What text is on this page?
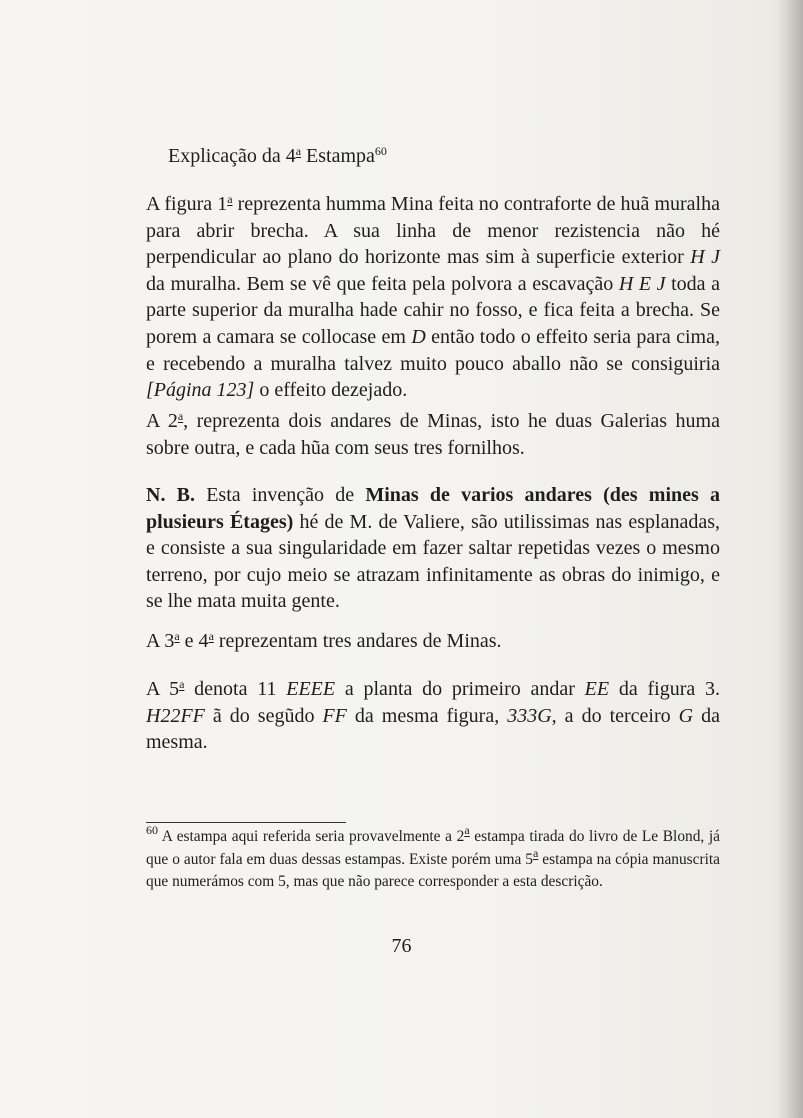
Explicação da 4$^a$ Estampa$^{60}$

A figura 1$^a$ reprezenta humma Mina feita no contraforte de huã muralha para abrir brecha. A sua linha de menor rezistencia não hé perpendicular ao plano do horizonte mas sim à superficie exterior H J da muralha. Bem se vê que feita pela polvora a escavação H E J toda a parte superior da muralha hade cahir no fosso, e fica feita a brecha. Se porem a camara se collocase em D então todo o effeito seria para cima, e recebendo a muralha talvez muito pouco aballo não se consiguiria [Página 123] o effeito dezejado.

A 2$^a$, reprezenta dois andares de Minas, isto he duas Galerias huma sobre outra, e cada hũa com seus tres fornilhos.

N. B. Esta invenção de Minas de varios andares (des mines a plusieurs Étages) hé de M. de Valiere, são utilissimas nas esplanadas, e consiste a sua singularidade em fazer saltar repetidas vezes o mesmo terreno, por cujo meio se atrazam infinitamente as obras do inimigo, e se lhe mata muita gente.

A 3$^a$ e 4$^a$ reprezentam tres andares de Minas.

A 5$^a$ denota 11 EEEE a planta do primeiro andar EE da figura 3. H22FF ã do segũdo FF da mesma figura, 333G, a do terceiro G da mesma.

$^{60}$ A estampa aqui referida seria provavelmente a 2$^a$ estampa tirada do livro de Le Blond, já que o autor fala em duas dessas estampas. Existe porém uma 5$^a$ estampa na cópia manuscrita que numerámos com 5, mas que não parece corresponder a esta descrição.
76
